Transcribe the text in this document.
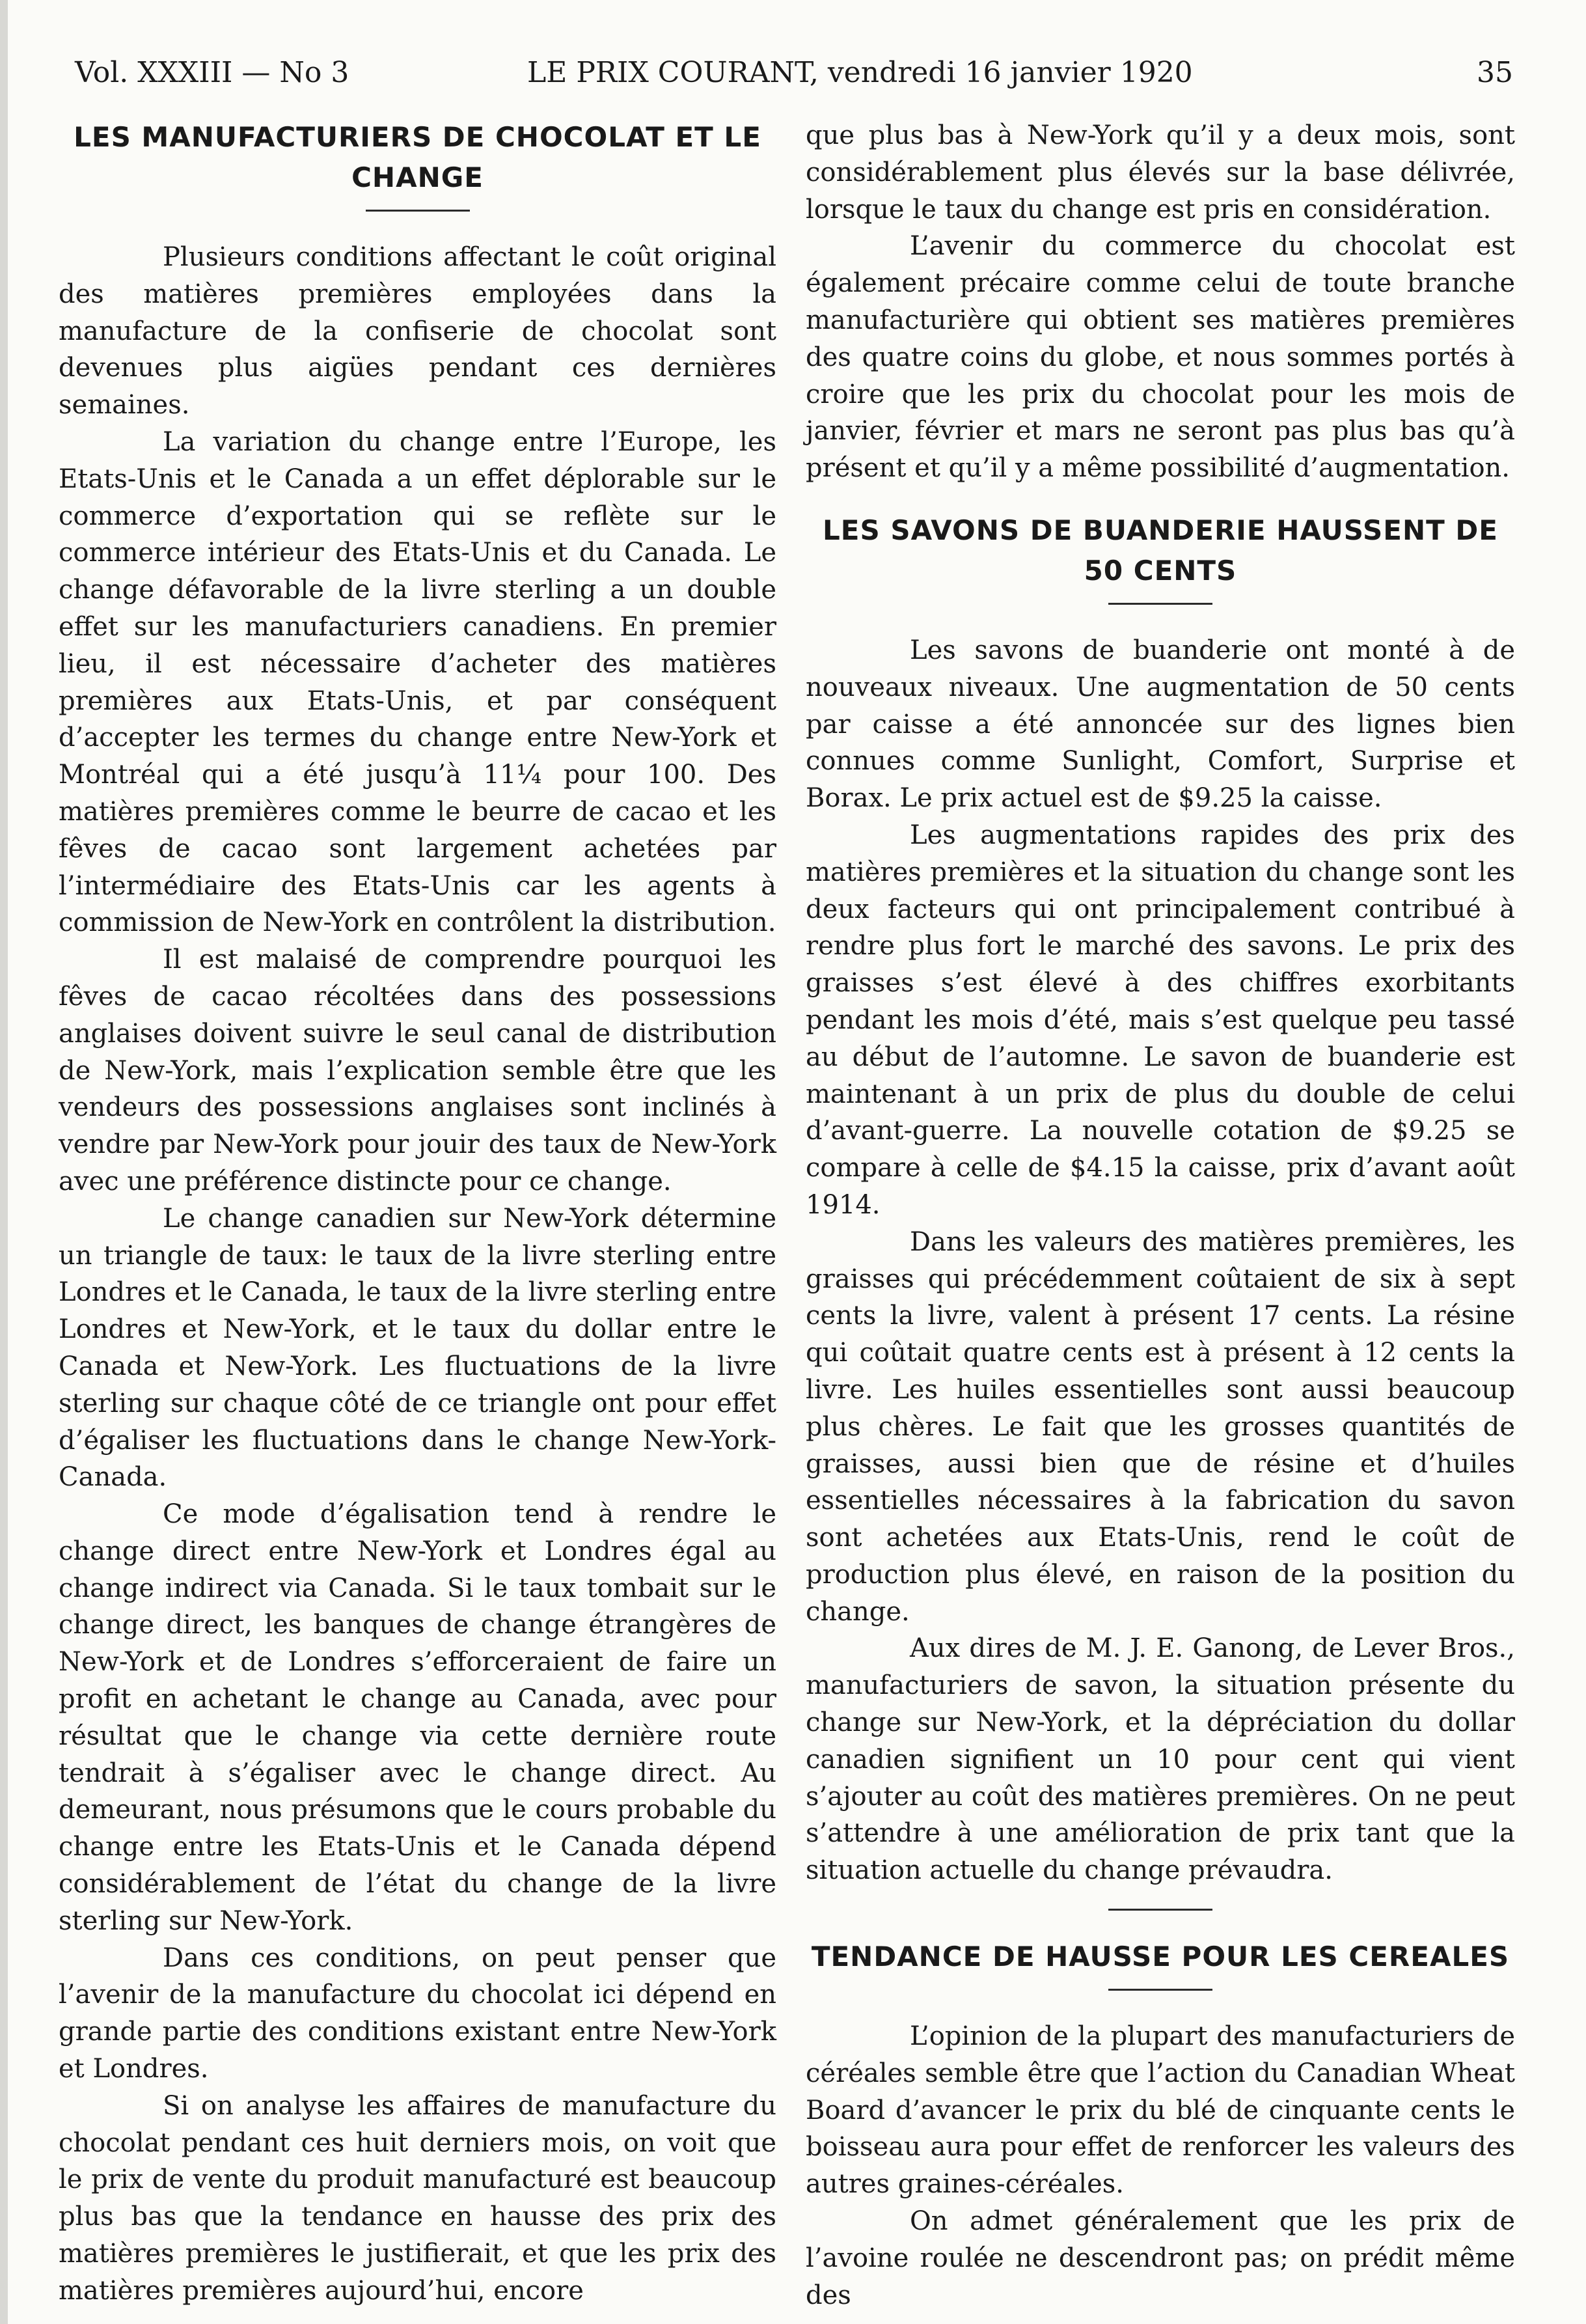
Vol. XXXIII — No 3	LE PRIX COURANT, vendredi 16 janvier 1920	35
LES MANUFACTURIERS DE CHOCOLAT ET LE CHANGE

Plusieurs conditions affectant le coût original des matières premières employées dans la manufacture de la confiserie de chocolat sont devenues plus aigües pendant ces dernières semaines.

La variation du change entre l’Europe, les Etats-Unis et le Canada a un effet déplorable sur le commerce d’exportation qui se reflète sur le commerce intérieur des Etats-Unis et du Canada. Le change défavorable de la livre sterling a un double effet sur les manufacturiers canadiens. En premier lieu, il est nécessaire d’acheter des matières premières aux Etats-Unis, et par conséquent d’accepter les termes du change entre New-York et Montréal qui a été jusqu’à 11¼ pour 100. Des matières premières comme le beurre de cacao et les fêves de cacao sont largement achetées par l’intermédiaire des Etats-Unis car les agents à commission de New-York en contrôlent la distribution.

Il est malaisé de comprendre pourquoi les fêves de cacao récoltées dans des possessions anglaises doivent suivre le seul canal de distribution de New-York, mais l’explication semble être que les vendeurs des possessions anglaises sont inclinés à vendre par New-York pour jouir des taux de New-York avec une préférence distincte pour ce change.

Le change canadien sur New-York détermine un triangle de taux: le taux de la livre sterling entre Londres et le Canada, le taux de la livre sterling entre Londres et New-York, et le taux du dollar entre le Canada et New-York. Les fluctuations de la livre sterling sur chaque côté de ce triangle ont pour effet d’égaliser les fluctuations dans le change New-York-Canada.

Ce mode d’égalisation tend à rendre le change direct entre New-York et Londres égal au change indirect via Canada. Si le taux tombait sur le change direct, les banques de change étrangères de New-York et de Londres s’efforceraient de faire un profit en achetant le change au Canada, avec pour résultat que le change via cette dernière route tendrait à s’égaliser avec le change direct. Au demeurant, nous présumons que le cours probable du change entre les Etats-Unis et le Canada dépend considérablement de l’état du change de la livre sterling sur New-York.

Dans ces conditions, on peut penser que l’avenir de la manufacture du chocolat ici dépend en grande partie des conditions existant entre New-York et Londres.

Si on analyse les affaires de manufacture du chocolat pendant ces huit derniers mois, on voit que le prix de vente du produit manufacturé est beaucoup plus bas que la tendance en hausse des prix des matières premières le justifierait, et que les prix des matières premières aujourd’hui, encore

que plus bas à New-York qu’il y a deux mois, sont considérablement plus élevés sur la base délivrée, lorsque le taux du change est pris en considération.

L’avenir du commerce du chocolat est également précaire comme celui de toute branche manufacturière qui obtient ses matières premières des quatre coins du globe, et nous sommes portés à croire que les prix du chocolat pour les mois de janvier, février et mars ne seront pas plus bas qu’à présent et qu’il y a même possibilité d’augmentation.

LES SAVONS DE BUANDERIE HAUSSENT DE 50 CENTS

Les savons de buanderie ont monté à de nouveaux niveaux. Une augmentation de 50 cents par caisse a été annoncée sur des lignes bien connues comme Sunlight, Comfort, Surprise et Borax. Le prix actuel est de $9.25 la caisse.

Les augmentations rapides des prix des matières premières et la situation du change sont les deux facteurs qui ont principalement contribué à rendre plus fort le marché des savons. Le prix des graisses s’est élevé à des chiffres exorbitants pendant les mois d’été, mais s’est quelque peu tassé au début de l’automne. Le savon de buanderie est maintenant à un prix de plus du double de celui d’avant-guerre. La nouvelle cotation de $9.25 se compare à celle de $4.15 la caisse, prix d’avant août 1914.

Dans les valeurs des matières premières, les graisses qui précédemment coûtaient de six à sept cents la livre, valent à présent 17 cents. La résine qui coûtait quatre cents est à présent à 12 cents la livre. Les huiles essentielles sont aussi beaucoup plus chères. Le fait que les grosses quantités de graisses, aussi bien que de résine et d’huiles essentielles nécessaires à la fabrication du savon sont achetées aux Etats-Unis, rend le coût de production plus élevé, en raison de la position du change.

Aux dires de M. J. E. Ganong, de Lever Bros., manufacturiers de savon, la situation présente du change sur New-York, et la dépréciation du dollar canadien signifient un 10 pour cent qui vient s’ajouter au coût des matières premières. On ne peut s’attendre à une amélioration de prix tant que la situation actuelle du change prévaudra.

TENDANCE DE HAUSSE POUR LES CEREALES

L’opinion de la plupart des manufacturiers de céréales semble être que l’action du Canadian Wheat Board d’avancer le prix du blé de cinquante cents le boisseau aura pour effet de renforcer les valeurs des autres graines-céréales.

On admet généralement que les prix de l’avoine roulée ne descendront pas; on prédit même des
